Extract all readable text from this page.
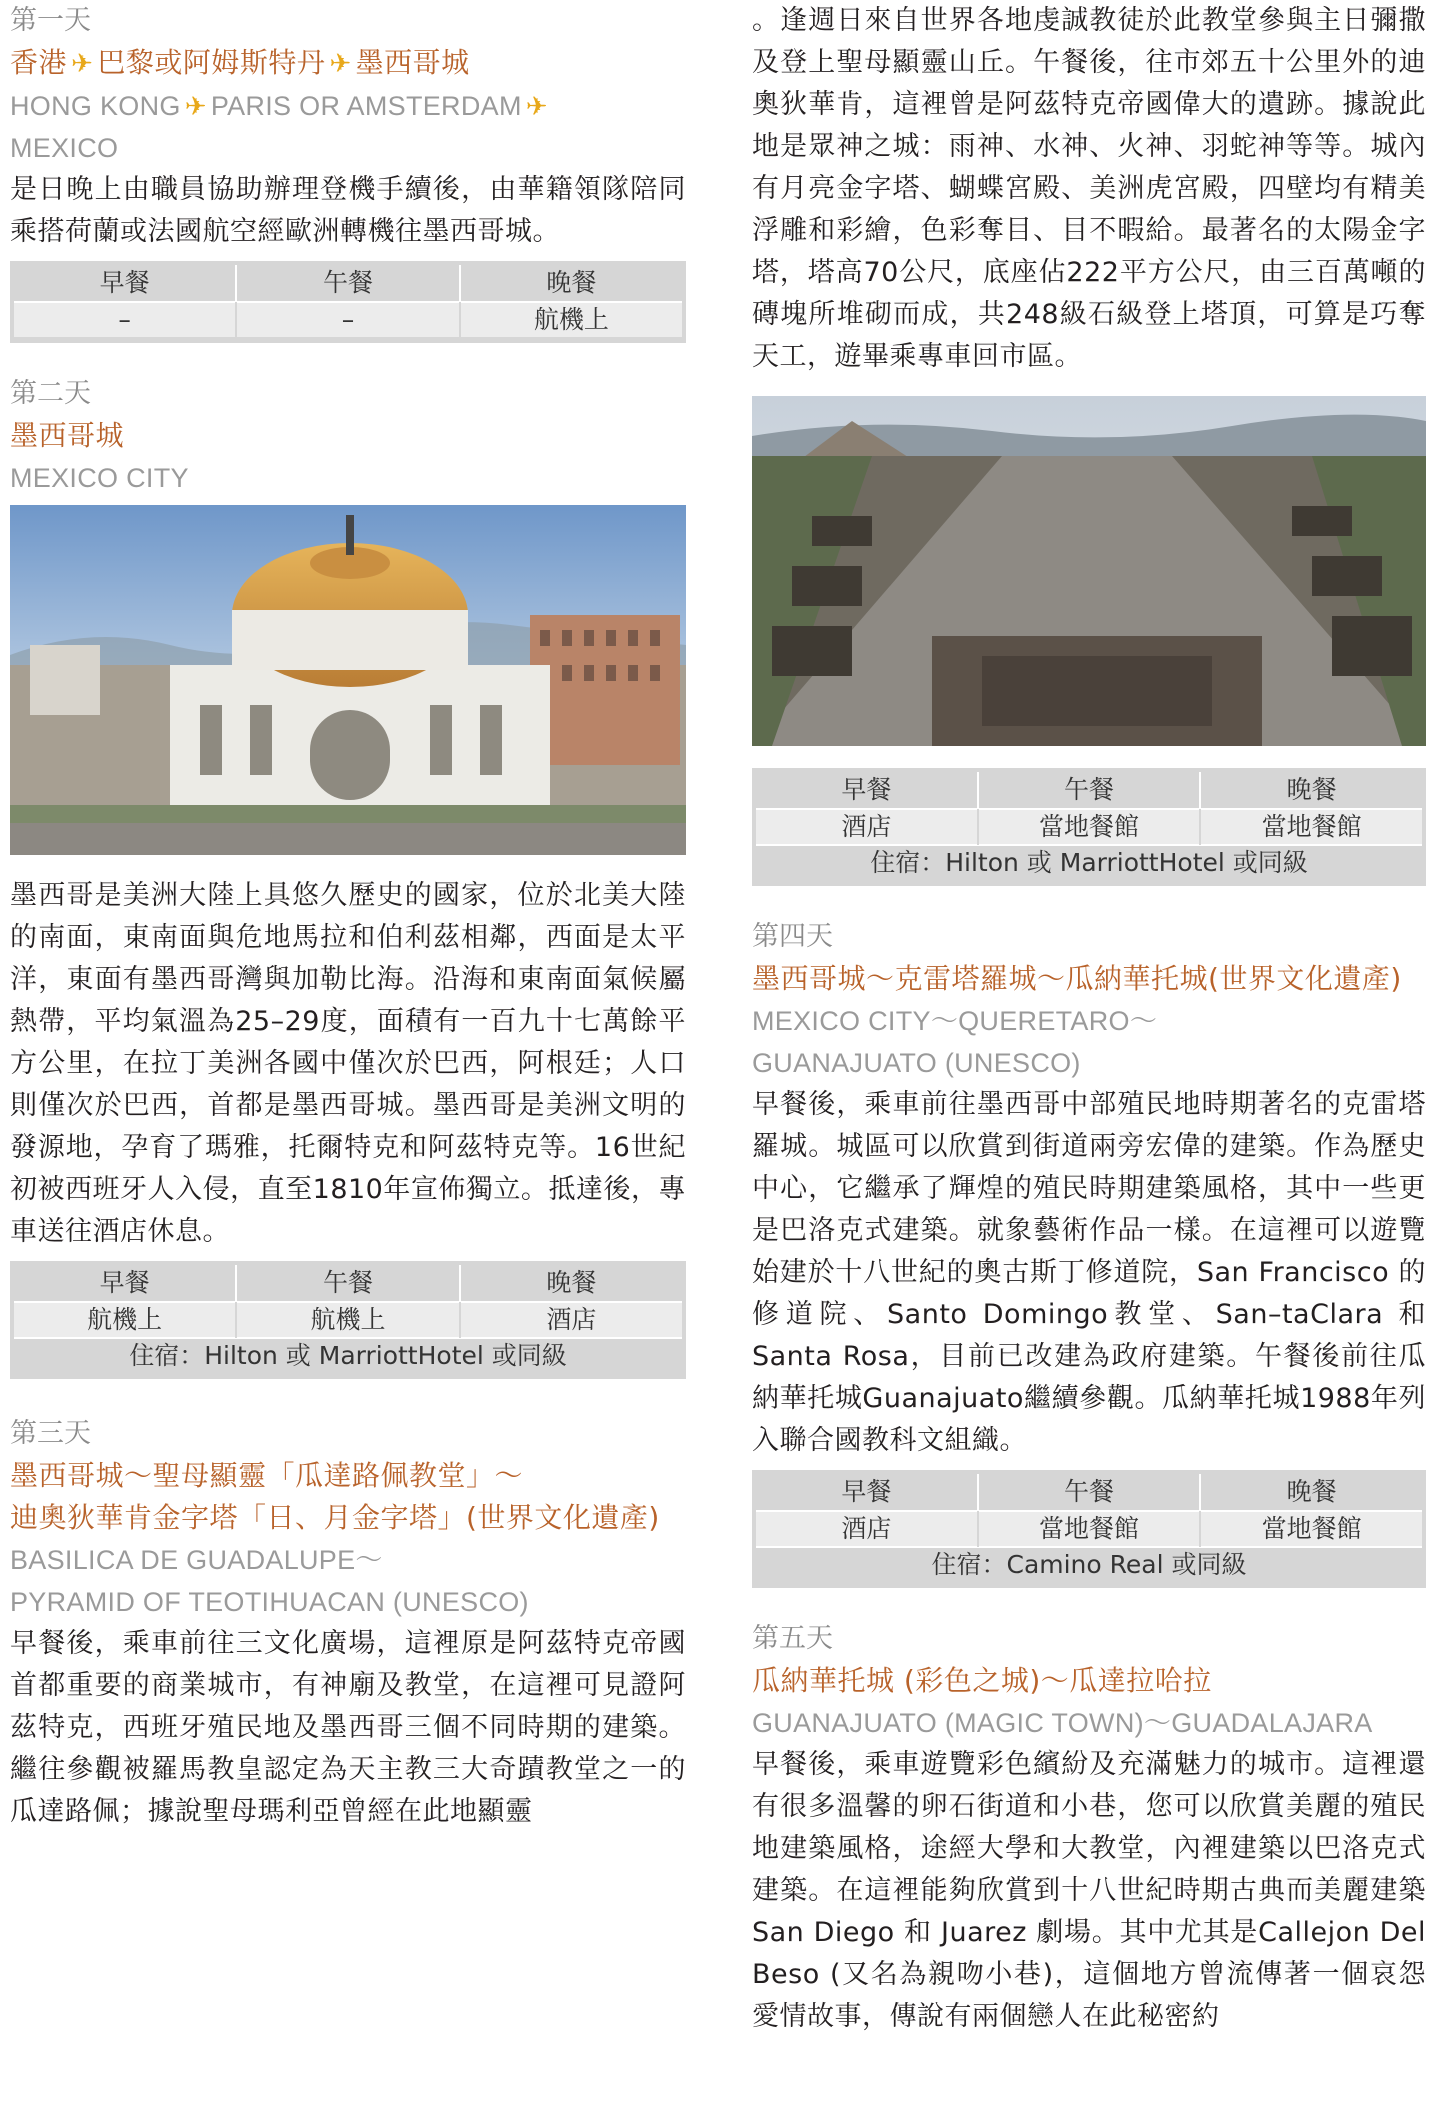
第一天
香港 ✈ 巴黎或阿姆斯特丹 ✈ 墨西哥城
HONG KONG ✈ PARIS OR AMSTERDAM ✈
MEXICO
是日晚上由職員協助辦理登機手續後，由華籍領隊陪同乘搭荷蘭或法國航空經歐洲轉機往墨西哥城。
早餐	午餐	晚餐
–	–	航機上
第二天
墨西哥城
MEXICO CITY
墨西哥是美洲大陸上具悠久歷史的國家，位於北美大陸的南面，東南面與危地馬拉和伯利茲相鄰，西面是太平洋，東面有墨西哥灣與加勒比海。沿海和東南面氣候屬熱帶，平均氣溫為25–29度，面積有一百九十七萬餘平方公里，在拉丁美洲各國中僅次於巴西，阿根廷；人口則僅次於巴西，首都是墨西哥城。墨西哥是美洲文明的發源地，孕育了瑪雅，托爾特克和阿茲特克等。16世紀初被西班牙人入侵，直至1810年宣佈獨立。抵達後，專車送往酒店休息。
早餐	午餐	晚餐
航機上	航機上	酒店
住宿：Hilton 或 MarriottHotel 或同級
第三天
墨西哥城～聖母顯靈「瓜達路佩教堂」～
迪奧狄華肯金字塔「日、月金字塔」(世界文化遺產)
BASILICA DE GUADALUPE～
PYRAMID OF TEOTIHUACAN (UNESCO)
早餐後，乘車前往三文化廣場，這裡原是阿茲特克帝國首都重要的商業城市，有神廟及教堂，在這裡可見證阿茲特克，西班牙殖民地及墨西哥三個不同時期的建築。繼往參觀被羅馬教皇認定為天主教三大奇蹟教堂之一的瓜達路佩；據說聖母瑪利亞曾經在此地顯靈
。逢週日來自世界各地虔誠教徒於此教堂參與主日彌撒及登上聖母顯靈山丘。午餐後，往市郊五十公里外的迪奧狄華肯，這裡曾是阿茲特克帝國偉大的遺跡。據說此地是眾神之城：雨神、水神、火神、羽蛇神等等。城內有月亮金字塔、蝴蝶宮殿、美洲虎宮殿，四壁均有精美浮雕和彩繪，色彩奪目、目不暇給。最著名的太陽金字塔，塔高70公尺，底座佔222平方公尺，由三百萬噸的磚塊所堆砌而成，共248級石級登上塔頂，可算是巧奪天工，遊畢乘專車回市區。
早餐	午餐	晚餐
酒店	當地餐館	當地餐館
住宿：Hilton 或 MarriottHotel 或同級
第四天
墨西哥城～克雷塔羅城～瓜納華托城(世界文化遺產)
MEXICO CITY～QUERETARO～
GUANAJUATO (UNESCO)
早餐後，乘車前往墨西哥中部殖民地時期著名的克雷塔羅城。城區可以欣賞到街道兩旁宏偉的建築。作為歷史中心，它繼承了輝煌的殖民時期建築風格，其中一些更是巴洛克式建築。就象藝術作品一樣。在這裡可以遊覽始建於十八世紀的奧古斯丁修道院，San Francisco 的修道院、Santo Domingo教堂、San–taClara 和 Santa Rosa，目前已改建為政府建築。午餐後前往瓜納華托城Guanajuato繼續參觀。瓜納華托城1988年列入聯合國教科文組織。
早餐	午餐	晚餐
酒店	當地餐館	當地餐館
住宿：Camino Real 或同級
第五天
瓜納華托城 (彩色之城)～瓜達拉哈拉
GUANAJUATO (MAGIC TOWN)～GUADALAJARA
早餐後，乘車遊覽彩色繽紛及充滿魅力的城市。這裡還有很多溫馨的卵石街道和小巷，您可以欣賞美麗的殖民地建築風格，途經大學和大教堂，內裡建築以巴洛克式建築。在這裡能夠欣賞到十八世紀時期古典而美麗建築 San Diego 和 Juarez 劇場。其中尤其是Callejon Del Beso (又名為親吻小巷)，這個地方曾流傳著一個哀怨愛情故事，傳說有兩個戀人在此秘密約
